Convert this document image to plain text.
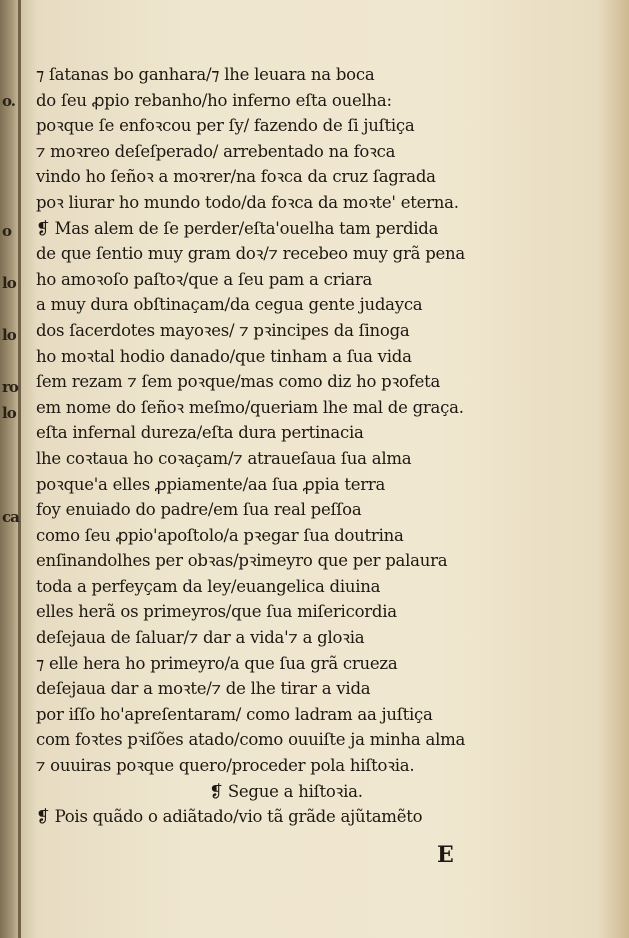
o.
o
lo
lo
ro
lo
ca
⁊ ſatanas bo ganhara/⁊ lhe leuara na boca
do ſeu ꝓpio rebanho/ho inferno eſta ouelha:
poꝛque ſe enfoꝛcou per ſy/ fazendo de ſi juſtiça
⁊ moꝛreo deſeſperado/ arrebentado na foꝛca
vindo ho ſeñoꝛ a moꝛrer/na foꝛca da cruz ſagrada
poꝛ liurar ho mundo todo/da foꝛca da moꝛte' eterna.
❡ Mas alem de ſe perder/eſta'ouelha tam perdida
de que ſentio muy gram doꝛ/⁊ recebeo muy grã pena
ho amoꝛoſo paſtoꝛ/que a ſeu pam a criara
a muy dura obſtinaçam/da cegua gente judayca
dos ſacerdotes mayoꝛes/ ⁊ pꝛincipes da ſinoga
ho moꝛtal hodio danado/que tinham a ſua vida
ſem rezam ⁊ ſem poꝛque/mas como diz ho pꝛofeta
em nome do ſeñoꝛ meſmo/queriam lhe mal de graça.
eſta infernal dureza/eſta dura pertinacia
lhe coꝛtaua ho coꝛaçam/⁊ atraueſaua ſua alma
poꝛque'a elles ꝓpiamente/aa ſua ꝓpia terra
foy enuiado do padre/em ſua real peſſoa
como ſeu ꝓpio'apoſtolo/a pꝛegar ſua doutrina
enſinandolhes per obꝛas/pꝛimeyro que per palaura
toda a perfeyçam da ley/euangelica diuina
elles herã os primeyros/que ſua miſericordia
deſejaua de ſaluar/⁊ dar a vida'⁊ a gloꝛia
⁊ elle hera ho primeyro/a que ſua grã crueza
deſejaua dar a moꝛte/⁊ de lhe tirar a vida
por iſſo ho'apreſentaram/ como ladram aa juſtiça
com foꝛtes pꝛiſões atado/como ouuiſte ja minha alma
⁊ ouuiras poꝛque quero/proceder pola hiſtoꝛia.
❡ Segue a hiſtoꝛia.
❡ Pois quãdo o adiãtado/vio tã grãde ajũtamẽto
E
